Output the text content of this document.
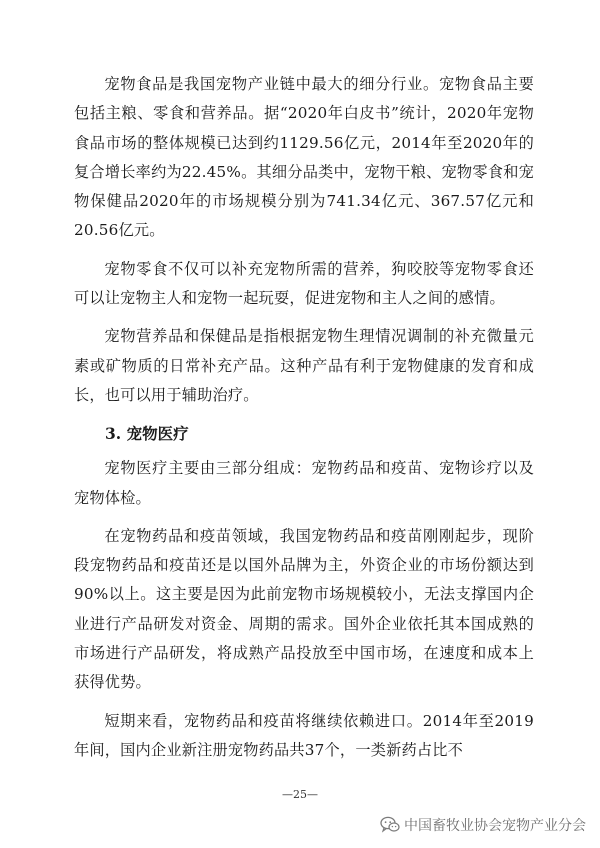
宠物食品是我国宠物产业链中最大的细分行业。宠物食品主要包括主粮、零食和营养品。据“2020年白皮书”统计，2020年宠物食品市场的整体规模已达到约1129.56亿元，2014年至2020年的复合增长率约为22.45%。其细分品类中，宠物干粮、宠物零食和宠物保健品2020年的市场规模分别为741.34亿元、367.57亿元和20.56亿元。

宠物零食不仅可以补充宠物所需的营养，狗咬胶等宠物零食还可以让宠物主人和宠物一起玩耍，促进宠物和主人之间的感情。

宠物营养品和保健品是指根据宠物生理情况调制的补充微量元素或矿物质的日常补充产品。这种产品有利于宠物健康的发育和成长，也可以用于辅助治疗。

3. 宠物医疗

宠物医疗主要由三部分组成：宠物药品和疫苗、宠物诊疗以及宠物体检。

在宠物药品和疫苗领域，我国宠物药品和疫苗刚刚起步，现阶段宠物药品和疫苗还是以国外品牌为主，外资企业的市场份额达到90%以上。这主要是因为此前宠物市场规模较小，无法支撑国内企业进行产品研发对资金、周期的需求。国外企业依托其本国成熟的市场进行产品研发，将成熟产品投放至中国市场，在速度和成本上获得优势。

短期来看，宠物药品和疫苗将继续依赖进口。2014年至2019年间，国内企业新注册宠物药品共37个，一类新药占比不

—25—
中国畜牧业协会宠物产业分会
